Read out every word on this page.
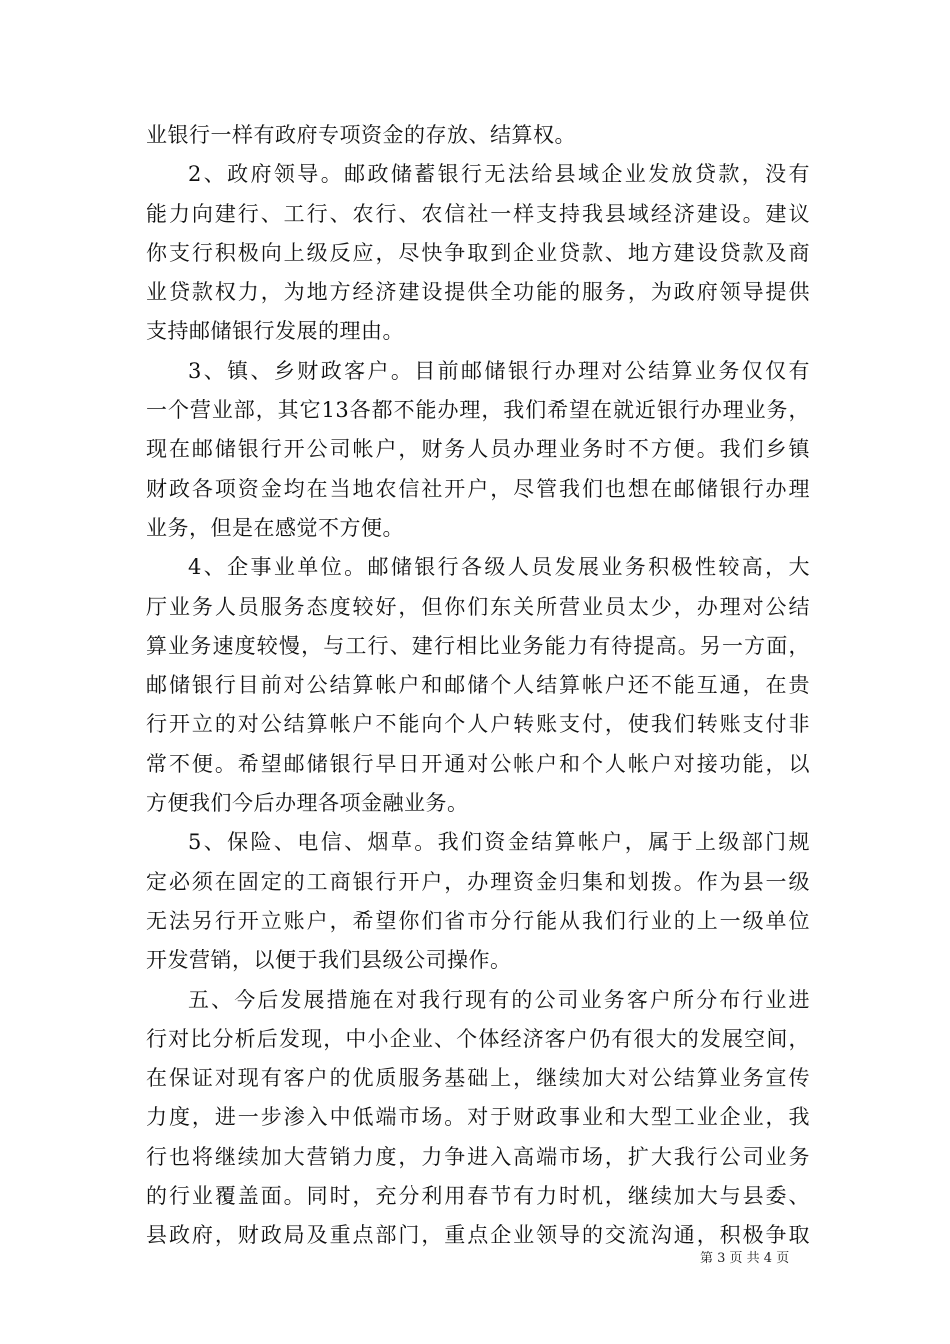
业银行一样有政府专项资金的存放、结算权。

2、政府领导。邮政储蓄银行无法给县域企业发放贷款，没有
能力向建行、工行、农行、农信社一样支持我县域经济建设。建议
你支行积极向上级反应，尽快争取到企业贷款、地方建设贷款及商
业贷款权力，为地方经济建设提供全功能的服务，为政府领导提供
支持邮储银行发展的理由。

3、镇、乡财政客户。目前邮储银行办理对公结算业务仅仅有
一个营业部，其它13各都不能办理，我们希望在就近银行办理业务，
现在邮储银行开公司帐户，财务人员办理业务时不方便。我们乡镇
财政各项资金均在当地农信社开户，尽管我们也想在邮储银行办理
业务，但是在感觉不方便。

4、企事业单位。邮储银行各级人员发展业务积极性较高，大
厅业务人员服务态度较好，但你们东关所营业员太少，办理对公结
算业务速度较慢，与工行、建行相比业务能力有待提高。另一方面，
邮储银行目前对公结算帐户和邮储个人结算帐户还不能互通，在贵
行开立的对公结算帐户不能向个人户转账支付，使我们转账支付非
常不便。希望邮储银行早日开通对公帐户和个人帐户对接功能，以
方便我们今后办理各项金融业务。

5、保险、电信、烟草。我们资金结算帐户，属于上级部门规
定必须在固定的工商银行开户，办理资金归集和划拨。作为县一级
无法另行开立账户，希望你们省市分行能从我们行业的上一级单位
开发营销，以便于我们县级公司操作。

五、今后发展措施在对我行现有的公司业务客户所分布行业进
行对比分析后发现，中小企业、个体经济客户仍有很大的发展空间，
在保证对现有客户的优质服务基础上，继续加大对公结算业务宣传
力度，进一步渗入中低端市场。对于财政事业和大型工业企业，我
行也将继续加大营销力度，力争进入高端市场，扩大我行公司业务
的行业覆盖面。同时，充分利用春节有力时机，继续加大与县委、
县政府，财政局及重点部门，重点企业领导的交流沟通，积极争取

第 3 页 共 4 页
